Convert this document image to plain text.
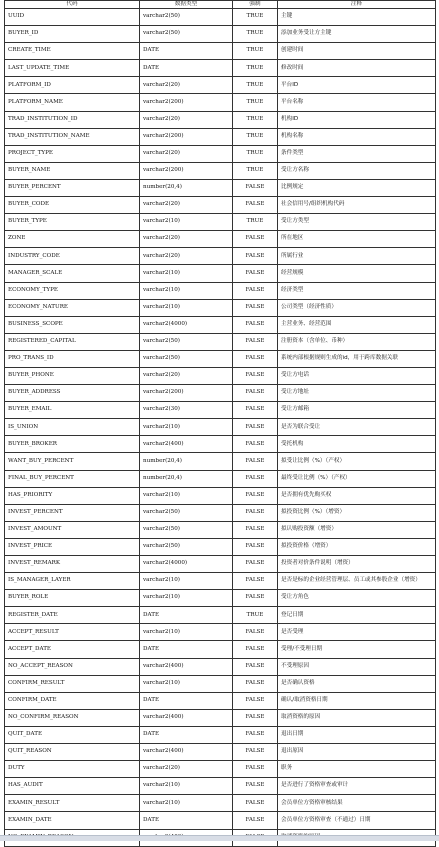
代码	数据类型	强制	注释
UUID	varchar2(50)	TRUE	主键
BUYER_ID	varchar2(50)	TRUE	添加业务受让方主键
CREATE_TIME	DATE	TRUE	创建时间
LAST_UPDATE_TIME	DATE	TRUE	修改时间
PLATFORM_ID	varchar2(20)	TRUE	平台ID
PLATFORM_NAME	varchar2(200)	TRUE	平台名称
TRAD_INSTITUTION_ID	varchar2(20)	TRUE	机构ID
TRAD_INSTITUTION_NAME	varchar2(200)	TRUE	机构名称
PROJECT_TYPE	varchar2(20)	TRUE	条件类型
BUYER_NAME	varchar2(200)	TRUE	受让方名称
BUYER_PERCENT	number(20,4)	FALSE	比例规定
BUYER_CODE	varchar2(20)	FALSE	社会信用号/组织机构代码
BUYER_TYPE	varchar2(10)	TRUE	受让方类型
ZONE	varchar2(20)	FALSE	所在地区
INDUSTRY_CODE	varchar2(20)	FALSE	所属行业
MANAGER_SCALE	varchar2(10)	FALSE	经营规模
ECONOMY_TYPE	varchar2(10)	FALSE	经济类型
ECONOMY_NATURE	varchar2(10)	FALSE	公司类型（经济性质）
BUSINESS_SCOPE	varchar2(4000)	FALSE	主营业务、经营范围
REGISTERED_CAPITAL	varchar2(50)	FALSE	注册资本（含单位、币种）
PRO_TRANS_ID	varchar2(50)	FALSE	系统内部根据规则生成的id，用于跨库数据关联
BUYER_PHONE	varchar2(20)	FALSE	受让方电话
BUYER_ADDRESS	varchar2(200)	FALSE	受让方地址
BUYER_EMAIL	varchar2(30)	FALSE	受让方邮箱
IS_UNION	varchar2(10)	FALSE	是否为联合受让
BUYER_BROKER	varchar2(400)	FALSE	受托机构
WANT_BUY_PERCENT	number(20,4)	FALSE	拟受让比例（%）（产权）
FINAL_BUY_PERCENT	number(20,4)	FALSE	最终受让比例（%）（产权）
HAS_PRIORITY	varchar2(10)	FALSE	是否拥有优先购买权
INVEST_PERCENT	varchar2(50)	FALSE	拟投资比例（%）（增资）
INVEST_AMOUNT	varchar2(50)	FALSE	拟认购投资额（增资）
INVEST_PRICE	varchar2(50)	FALSE	拟投资价格（增资）
INVEST_REMARK	varchar2(4000)	FALSE	投资者对价条件说明（增资）
IS_MANAGER_LAYER	varchar2(10)	FALSE	是否是标的企业经营管理层、员工或其参股企业（增资）
BUYER_ROLE	varchar2(10)	FALSE	受让方角色
REGISTER_DATE	DATE	TRUE	登记日期
ACCEPT_RESULT	varchar2(10)	FALSE	是否受理
ACCEPT_DATE	DATE	FALSE	受理/不受理日期
NO_ACCEPT_REASON	varchar2(400)	FALSE	不受理原因
CONFIRM_RESULT	varchar2(10)	FALSE	是否确认资格
CONFIRM_DATE	DATE	FALSE	确认/取消资格日期
NO_CONFIRM_REASON	varchar2(400)	FALSE	取消资格的原因
QUIT_DATE	DATE	FALSE	退出日期
QUIT_REASON	varchar2(400)	FALSE	退出原因
DUTY	varchar2(20)	FALSE	职务
HAS_AUDIT	varchar2(10)	FALSE	是否进行了资格审查或审计
EXAMIN_RESULT	varchar2(10)	FALSE	会员单位方资格审核结果
EXAMIN_DATE	DATE	FALSE	会员单位方资格审查（不通过）日期
